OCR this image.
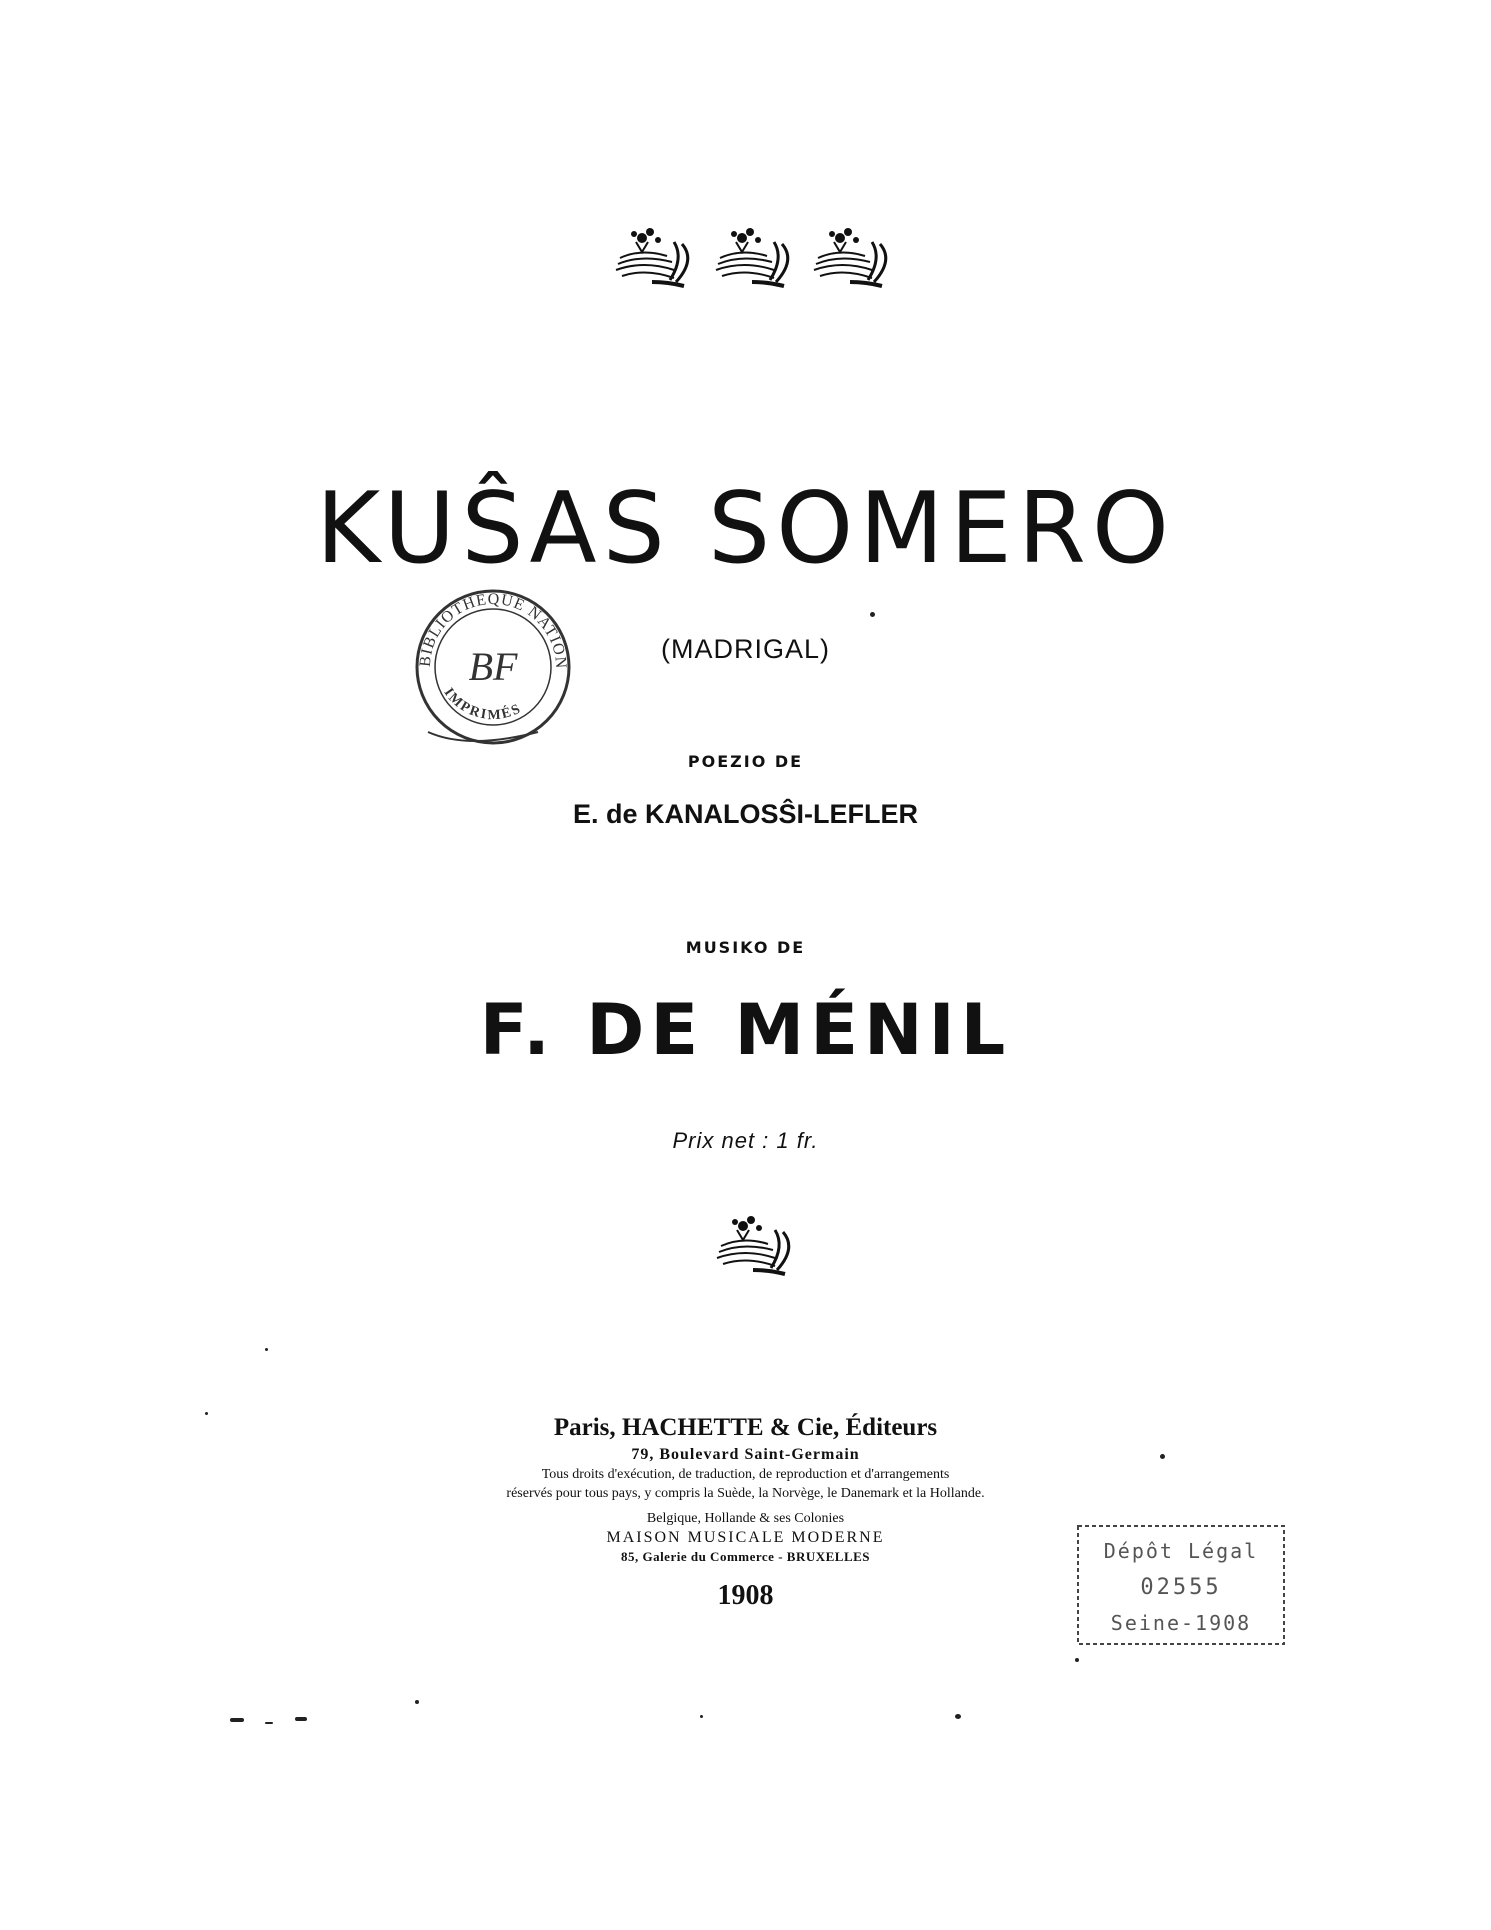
KUŜAS SOMERO
BIBLIOTHÈQUE NATION
IMPRIMÉS
BF	(MADRIGAL)
POEZIO DE
E. de KANALOSŜI-LEFLER
MUSIKO DE
F. DE MÉNIL
Prix net : 1 fr.
Paris, HACHETTE & Cie, Éditeurs
79, Boulevard Saint-Germain
Tous droits d'exécution, de traduction, de reproduction et d'arrangements
réservés pour tous pays, y compris la Suède, la Norvège, le Danemark et la Hollande.
Belgique, Hollande & ses Colonies
MAISON MUSICALE MODERNE
85, Galerie du Commerce - BRUXELLES
1908
Dépôt Légal
02555
Seine-1908
